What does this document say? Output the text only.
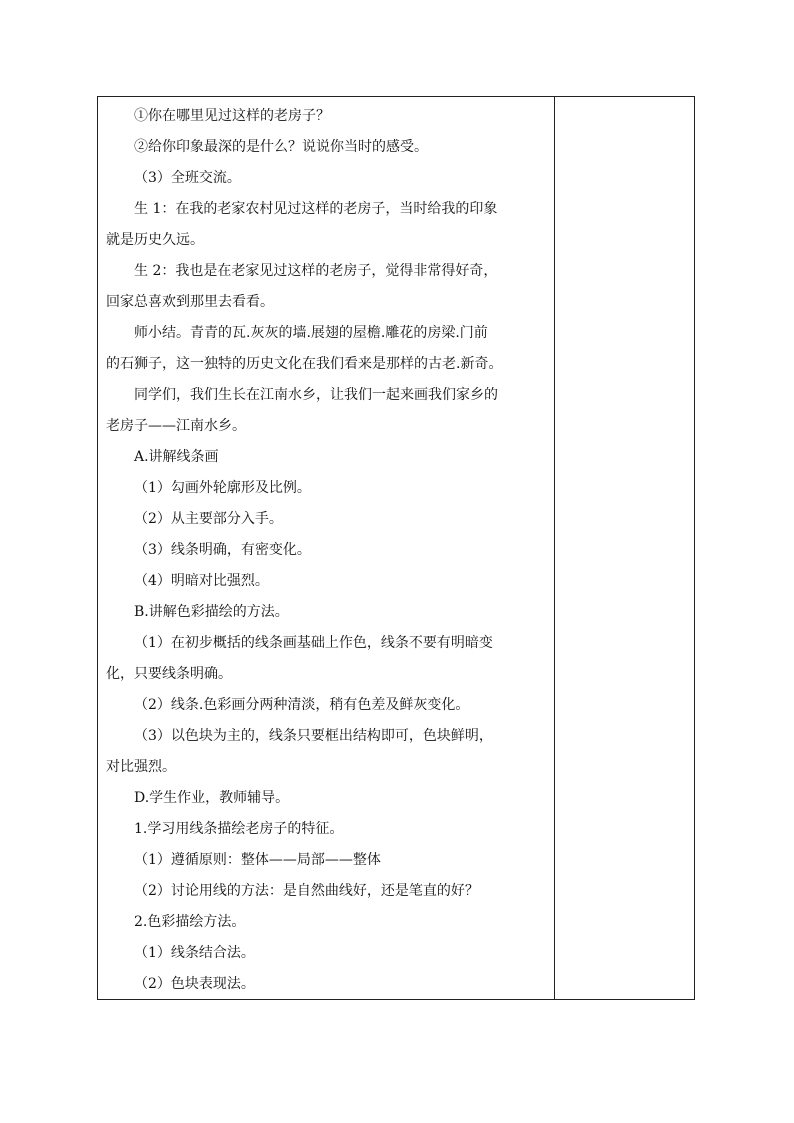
①你在哪里见过这样的老房子？
②给你印象最深的是什么？说说你当时的感受。
（3）全班交流。
生 1：在我的老家农村见过这样的老房子，当时给我的印象
就是历史久远。
生 2：我也是在老家见过这样的老房子，觉得非常得好奇，
回家总喜欢到那里去看看。
师小结。青青的瓦.灰灰的墙.展翅的屋檐.雕花的房梁.门前
的石狮子，这一独特的历史文化在我们看来是那样的古老.新奇。
同学们，我们生长在江南水乡，让我们一起来画我们家乡的
老房子——江南水乡。
A.讲解线条画
（1）勾画外轮廓形及比例。
（2）从主要部分入手。
（3）线条明确，有密变化。
（4）明暗对比强烈。
B.讲解色彩描绘的方法。
（1）在初步概括的线条画基础上作色，线条不要有明暗变
化，只要线条明确。
（2）线条.色彩画分两种清淡，稍有色差及鲜灰变化。
（3）以色块为主的，线条只要框出结构即可，色块鲜明，
对比强烈。
D.学生作业，教师辅导。
1.学习用线条描绘老房子的特征。
（1）遵循原则：整体——局部——整体
（2）讨论用线的方法：是自然曲线好，还是笔直的好？
2.色彩描绘方法。
（1）线条结合法。
（2）色块表现法。
